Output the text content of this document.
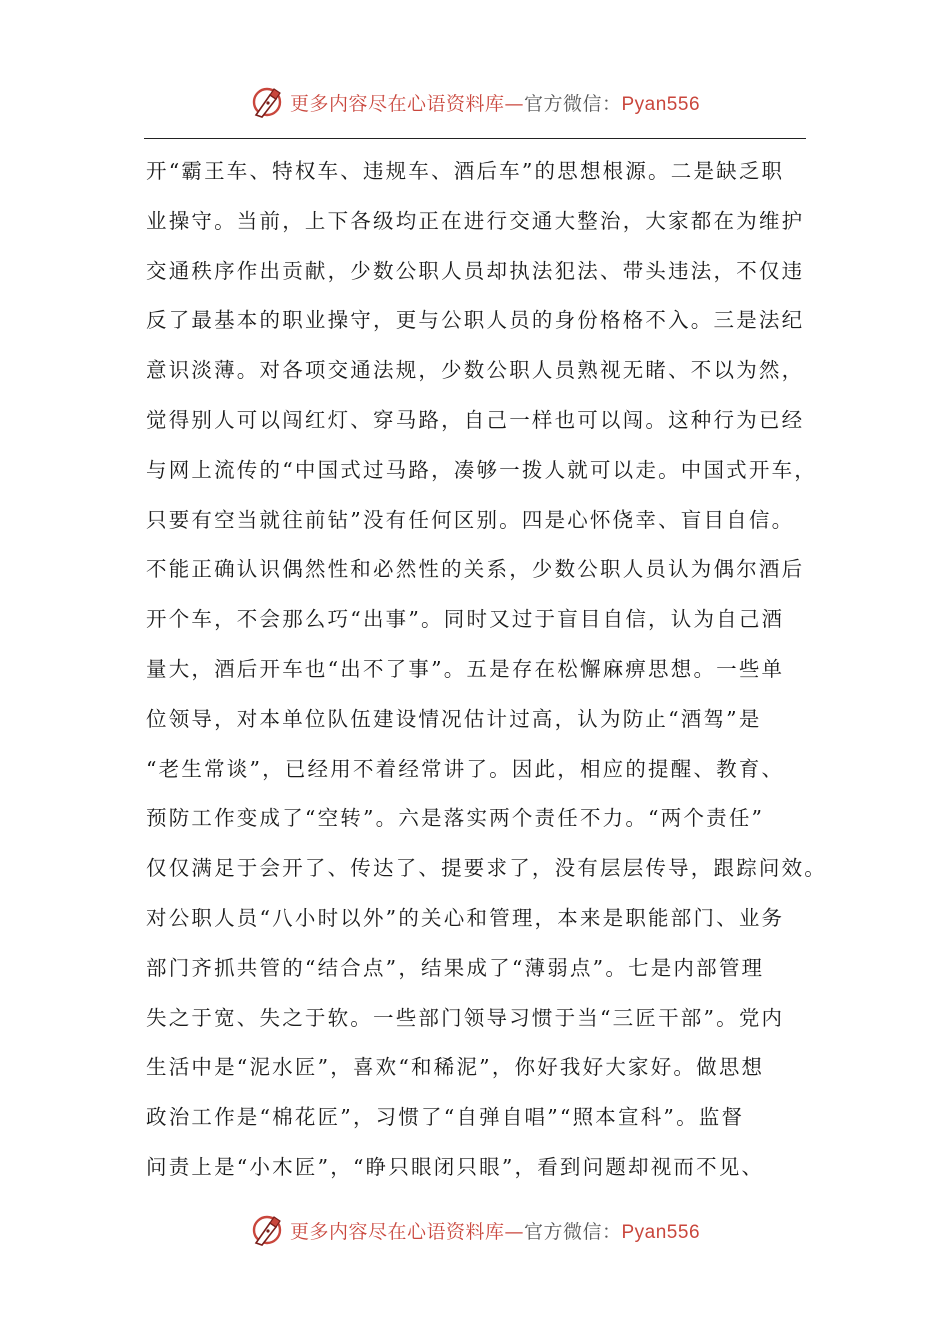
更多内容尽在心语资料库—官方微信：Pyan556
开“霸王车、特权车、违规车、酒后车”的思想根源。二是缺乏职
业操守。当前，上下各级均正在进行交通大整治，大家都在为维护
交通秩序作出贡献，少数公职人员却执法犯法、带头违法，不仅违
反了最基本的职业操守，更与公职人员的身份格格不入。三是法纪
意识淡薄。对各项交通法规，少数公职人员熟视无睹、不以为然，
觉得别人可以闯红灯、穿马路，自己一样也可以闯。这种行为已经
与网上流传的“中国式过马路，凑够一拨人就可以走。中国式开车，
只要有空当就往前钻”没有任何区别。四是心怀侥幸、盲目自信。
不能正确认识偶然性和必然性的关系，少数公职人员认为偶尔酒后
开个车，不会那么巧“出事”。同时又过于盲目自信，认为自己酒
量大，酒后开车也“出不了事”。五是存在松懈麻痹思想。一些单
位领导，对本单位队伍建设情况估计过高，认为防止“酒驾”是
“老生常谈”，已经用不着经常讲了。因此，相应的提醒、教育、
预防工作变成了“空转”。六是落实两个责任不力。“两个责任”
仅仅满足于会开了、传达了、提要求了，没有层层传导，跟踪问效。
对公职人员“八小时以外”的关心和管理，本来是职能部门、业务
部门齐抓共管的“结合点”，结果成了“薄弱点”。七是内部管理
失之于宽、失之于软。一些部门领导习惯于当“三匠干部”。党内
生活中是“泥水匠”，喜欢“和稀泥”，你好我好大家好。做思想
政治工作是“棉花匠”，习惯了“自弹自唱”“照本宣科”。监督
问责上是“小木匠”，“睁只眼闭只眼”，看到问题却视而不见、
更多内容尽在心语资料库—官方微信：Pyan556
